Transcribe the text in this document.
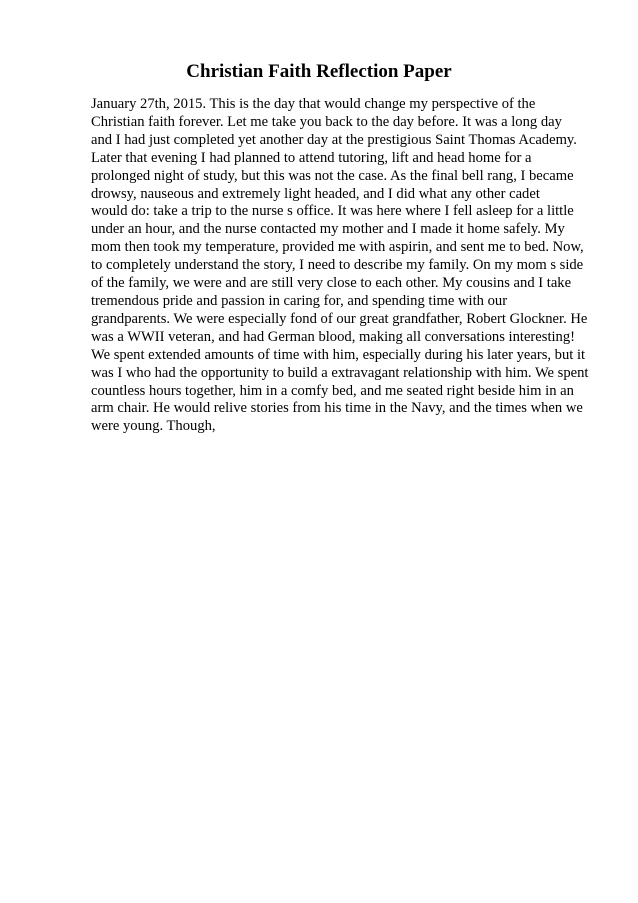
Christian Faith Reflection Paper
January 27th, 2015. This is the day that would change my perspective of the
Christian faith forever. Let me take you back to the day before. It was a long day
and I had just completed yet another day at the prestigious Saint Thomas Academy.
Later that evening I had planned to attend tutoring, lift and head home for a
prolonged night of study, but this was not the case. As the final bell rang, I became
drowsy, nauseous and extremely light headed, and I did what any other cadet
would do: take a trip to the nurse s office. It was here where I fell asleep for a little
under an hour, and the nurse contacted my mother and I made it home safely. My
mom then took my temperature, provided me with aspirin, and sent me to bed. Now,
to completely understand the story, I need to describe my family. On my mom s side
of the family, we were and are still very close to each other. My cousins and I take
tremendous pride and passion in caring for, and spending time with our
grandparents. We were especially fond of our great grandfather, Robert Glockner. He
was a WWII veteran, and had German blood, making all conversations interesting!
We spent extended amounts of time with him, especially during his later years, but it
was I who had the opportunity to build a extravagant relationship with him. We spent
countless hours together, him in a comfy bed, and me seated right beside him in an
arm chair. He would relive stories from his time in the Navy, and the times when we
were young. Though,
